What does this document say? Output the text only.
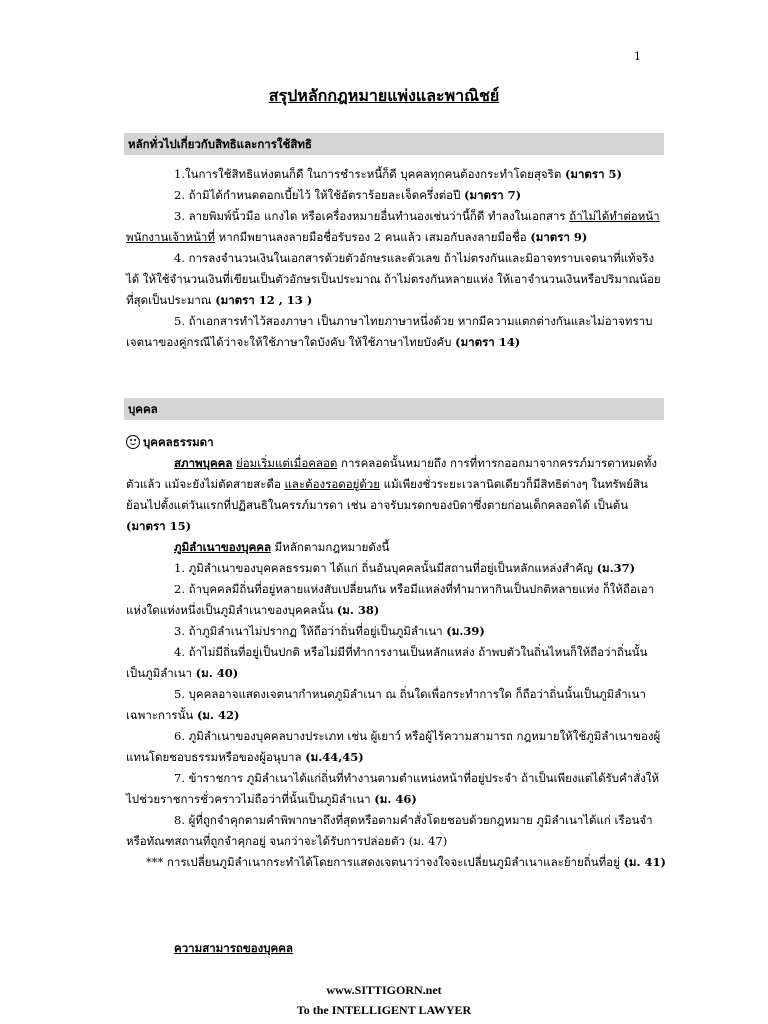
1
สรุปหลักกฎหมายแพ่งและพาณิชย์
หลักทั่วไปเกี่ยวกับสิทธิและการใช้สิทธิ

1.ในการใช้สิทธิแห่งตนก็ดี ในการชำระหนี้ก็ดี บุคคลทุกคนต้องกระทำโดยสุจริต (มาตรา 5)

2. ถ้ามิได้กำหนดดอกเบี้ยไว้ ให้ใช้อัตราร้อยละเจ็ดครึ่งต่อปี (มาตรา 7)

3. ลายพิมพ์นิ้วมือ แกงได หรือเครื่องหมายอื่นทำนองเช่นว่านี้ก็ดี ทำลงในเอกสาร ถ้าไม่ได้ทำต่อหน้าพนักงานเจ้าหน้าที่ หากมีพยานลงลายมือชื่อรับรอง 2 คนแล้ว เสมอกับลงลายมือชื่อ (มาตรา 9)

4. การลงจำนวนเงินในเอกสารด้วยตัวอักษรและตัวเลข ถ้าไม่ตรงกันและมิอาจทราบเจตนาที่แท้จริงได้ ให้ใช้จำนวนเงินที่เขียนเป็นตัวอักษรเป็นประมาณ ถ้าไม่ตรงกันหลายแห่ง ให้เอาจำนวนเงินหรือปริมาณน้อยที่สุดเป็นประมาณ (มาตรา 12 , 13 )

5. ถ้าเอกสารทำไว้สองภาษา เป็นภาษาไทยภาษาหนึ่งด้วย หากมีความแตกต่างกันและไม่อาจทราบเจตนาของคู่กรณีได้ว่าจะให้ใช้ภาษาใดบังคับ ให้ใช้ภาษาไทยบังคับ (มาตรา 14)

บุคคล

บุคคลธรรมดา

สภาพบุคคล ย่อมเริ่มแต่เมื่อคลอด การคลอดนั้นหมายถึง การที่ทารกออกมาจากครรภ์มารดาหมดทั้งตัวแล้ว แม้จะยังไม่ตัดสายสะดือ และต้องรอดอยู่ด้วย แม้เพียงชั่วระยะเวลานิดเดียวก็มีสิทธิต่างๆ ในทรัพย์สินย้อนไปตั้งแต่วันแรกที่ปฏิสนธิในครรภ์มารดา เช่น อาจรับมรดกของบิดาซึ่งตายก่อนเด็กคลอดได้ เป็นต้น (มาตรา 15)

ภูมิลำเนาของบุคคล มีหลักตามกฎหมายดังนี้

1. ภูมิลำเนาของบุคคลธรรมดา ได้แก่ ถิ่นอันบุคคลนั้นมีสถานที่อยู่เป็นหลักแหล่งสำคัญ (ม.37)

2. ถ้าบุคคลมีถิ่นที่อยู่หลายแห่งสับเปลี่ยนกัน หรือมีแหล่งที่ทำมาหากินเป็นปกติหลายแห่ง ก็ให้ถือเอาแห่งใดแห่งหนึ่งเป็นภูมิลำเนาของบุคคลนั้น (ม. 38)

3. ถ้าภูมิลำเนาไม่ปรากฏ ให้ถือว่าถิ่นที่อยู่เป็นภูมิลำเนา (ม.39)

4. ถ้าไม่มีถิ่นที่อยู่เป็นปกติ หรือไม่มีที่ทำการงานเป็นหลักแหล่ง ถ้าพบตัวในถิ่นไหนก็ให้ถือว่าถิ่นนั้นเป็นภูมิลำเนา (ม. 40)

5. บุคคลอาจแสดงเจตนากำหนดภูมิลำเนา ณ ถิ่นใดเพื่อกระทำการใด ก็ถือว่าถิ่นนั้นเป็นภูมิลำเนาเฉพาะการนั้น (ม. 42)

6. ภูมิลำเนาของบุคคลบางประเภท เช่น ผู้เยาว์ หรือผู้ไร้ความสามารถ กฎหมายให้ใช้ภูมิลำเนาของผู้แทนโดยชอบธรรมหรือของผู้อนุบาล (ม.44,45)

7. ข้าราชการ ภูมิลำเนาได้แก่ถิ่นที่ทำงานตามตำแหน่งหน้าที่อยู่ประจำ ถ้าเป็นเพียงแต่ได้รับคำสั่งให้ไปช่วยราชการชั่วคราวไม่ถือว่าที่นั้นเป็นภูมิลำเนา (ม. 46)

8. ผู้ที่ถูกจำคุกตามคำพิพากษาถึงที่สุดหรือตามคำสั่งโดยชอบด้วยกฎหมาย ภูมิลำเนาได้แก่ เรือนจำหรือทัณฑสถานที่ถูกจำคุกอยู่ จนกว่าจะได้รับการปล่อยตัว (ม. 47)

*** การเปลี่ยนภูมิลำเนากระทำได้โดยการแสดงเจตนาว่าจงใจจะเปลี่ยนภูมิลำเนาและย้ายถิ่นที่อยู่ (ม. 41)

ความสามารถของบุคคล

www.SITTIGORN.net
To the INTELLIGENT LAWYER
